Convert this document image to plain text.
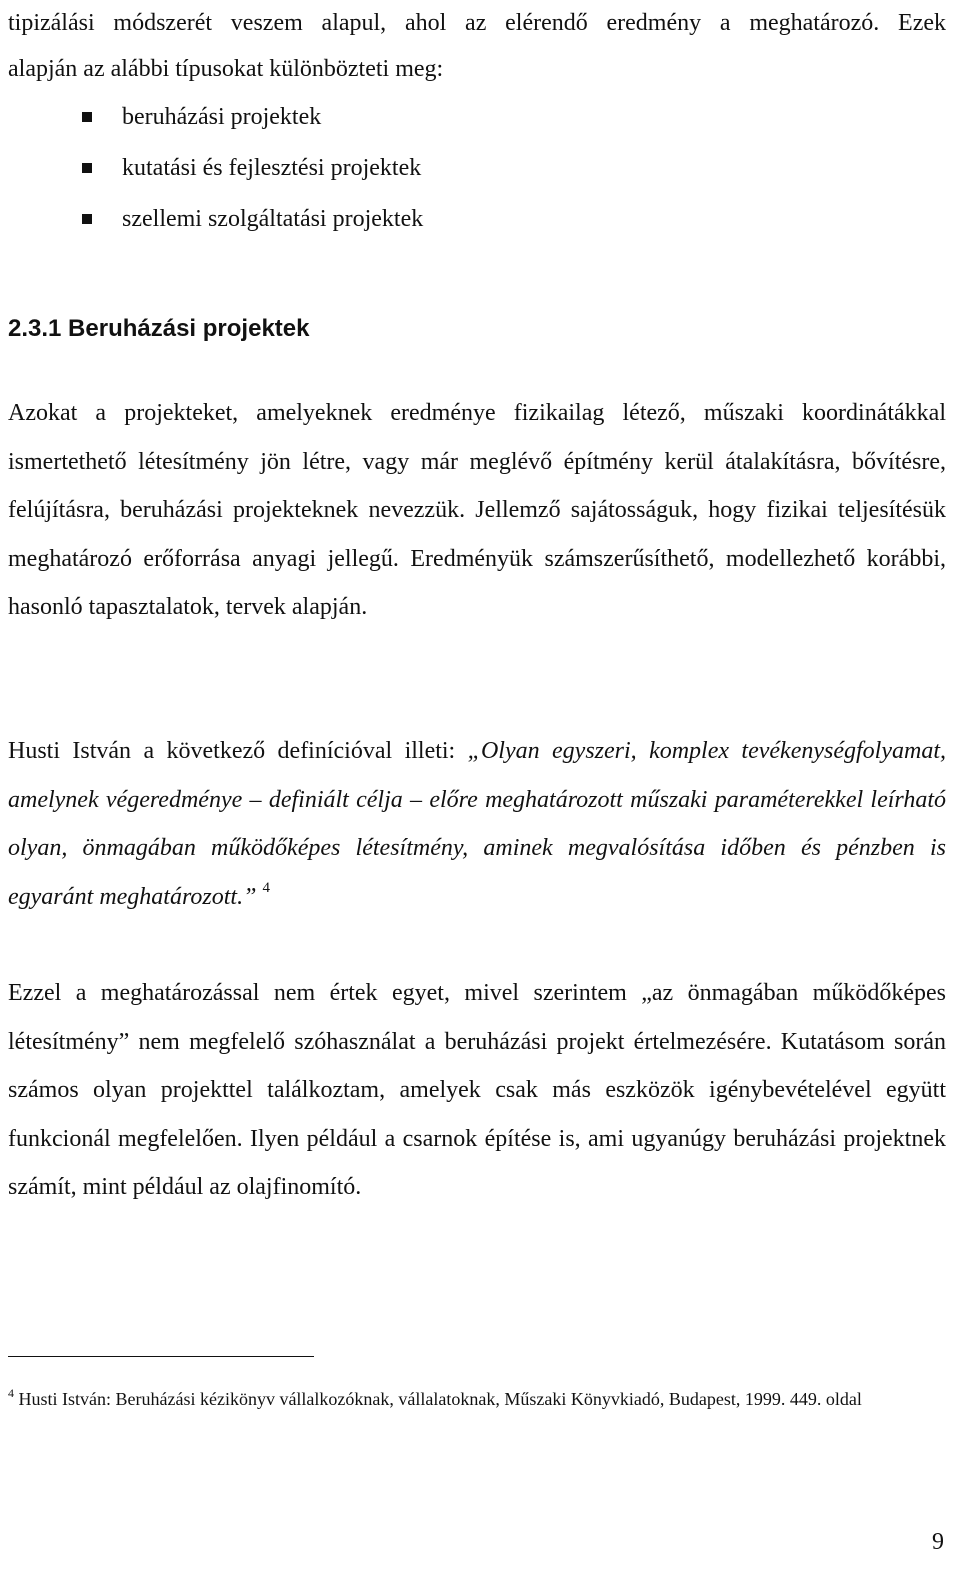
tipizálási módszerét veszem alapul, ahol az elérendő eredmény a meghatározó. Ezek
alapján az alábbi típusokat különbözteti meg:
beruházási projektek
kutatási és fejlesztési projektek
szellemi szolgáltatási projektek
2.3.1 Beruházási projektek

Azokat a projekteket, amelyeknek eredménye fizikailag létező, műszaki koordinátákkal ismertethető létesítmény jön létre, vagy már meglévő építmény kerül átalakításra, bővítésre, felújításra, beruházási projekteknek nevezzük. Jellemző sajátosságuk, hogy fizikai teljesítésük meghatározó erőforrása anyagi jellegű. Eredményük számszerűsíthető, modellezhető korábbi, hasonló tapasztalatok, tervek alapján.

Husti István a következő definícióval illeti: „Olyan egyszeri, komplex tevékenységfolyamat, amelynek végeredménye – definiált célja – előre meghatározott műszaki paraméterekkel leírható olyan, önmagában működőképes létesítmény, aminek megvalósítása időben és pénzben is egyaránt meghatározott.” $^4$

Ezzel a meghatározással nem értek egyet, mivel szerintem „az önmagában működőképes létesítmény” nem megfelelő szóhasználat a beruházási projekt értelmezésére. Kutatásom során számos olyan projekttel találkoztam, amelyek csak más eszközök igénybevételével együtt funkcionál megfelelően. Ilyen például a csarnok építése is, ami ugyanúgy beruházási projektnek számít, mint például az olajfinomító.

$^4$ Husti István: Beruházási kézikönyv vállalkozóknak, vállalatoknak, Műszaki Könyvkiadó, Budapest, 1999. 449. oldal
9
